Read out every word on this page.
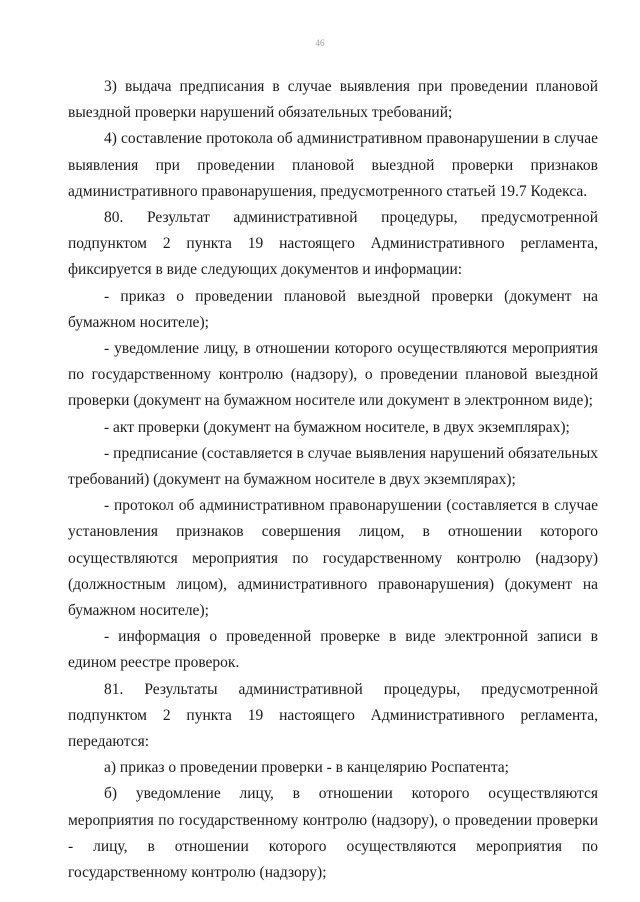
46

3) выдача предписания в случае выявления при проведении плановой выездной проверки нарушений обязательных требований;

4) составление протокола об административном правонарушении в случае выявления при проведении плановой выездной проверки признаков административного правонарушения, предусмотренного статьей 19.7 Кодекса.

80. Результат административной процедуры, предусмотренной подпунктом 2 пункта 19 настоящего Административного регламента, фиксируется в виде следующих документов и информации:

- приказ о проведении плановой выездной проверки (документ на бумажном носителе);

- уведомление лицу, в отношении которого осуществляются мероприятия по государственному контролю (надзору), о проведении плановой выездной проверки (документ на бумажном носителе или документ в электронном виде);

- акт проверки (документ на бумажном носителе, в двух экземплярах);

- предписание (составляется в случае выявления нарушений обязательных требований) (документ на бумажном носителе в двух экземплярах);

- протокол об административном правонарушении (составляется в случае установления признаков совершения лицом, в отношении которого осуществляются мероприятия по государственному контролю (надзору) (должностным лицом), административного правонарушения) (документ на бумажном носителе);

- информация о проведенной проверке в виде электронной записи в едином реестре проверок.

81. Результаты административной процедуры, предусмотренной подпунктом 2 пункта 19 настоящего Административного регламента, передаются:

а) приказ о проведении проверки - в канцелярию Роспатента;

б) уведомление лицу, в отношении которого осуществляются мероприятия по государственному контролю (надзору), о проведении проверки - лицу, в отношении которого осуществляются мероприятия по государственному контролю (надзору);
